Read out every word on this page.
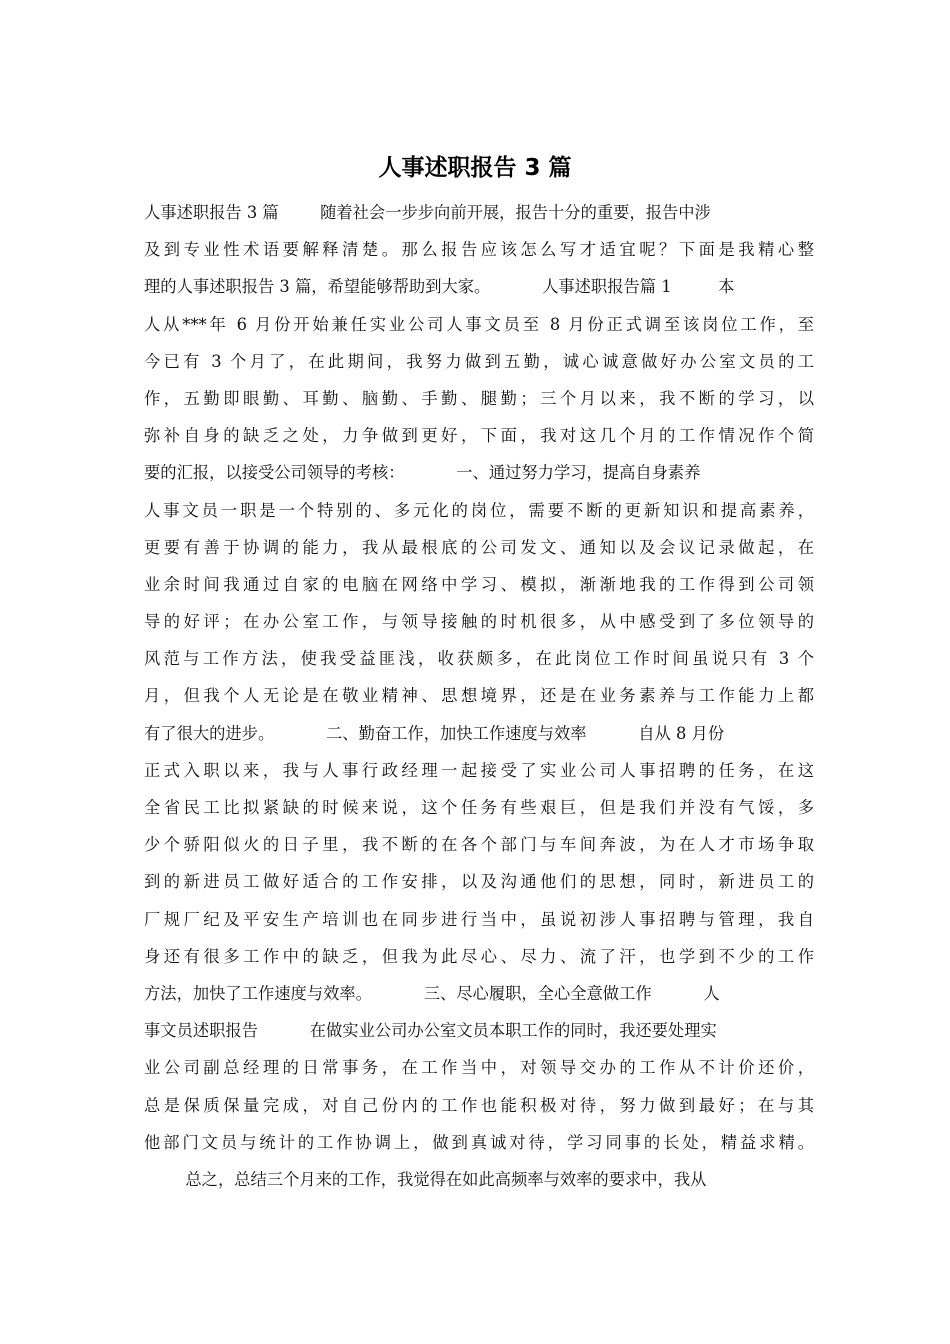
人事述职报告 3 篇
人事述职报告 3 篇        随着社会一步步向前开展，报告十分的重要，报告中涉
及到专业性术语要解释清楚。那么报告应该怎么写才适宜呢？下面是我精心整
理的人事述职报告 3 篇，希望能够帮助到大家。          人事述职报告篇 1         本
人从***年 6 月份开始兼任实业公司人事文员至 8 月份正式调至该岗位工作，至
今已有 3 个月了，在此期间，我努力做到五勤，诚心诚意做好办公室文员的工
作，五勤即眼勤、耳勤、脑勤、手勤、腿勤；三个月以来，我不断的学习，以
弥补自身的缺乏之处，力争做到更好，下面，我对这几个月的工作情况作个简
要的汇报，以接受公司领导的考核：          一、通过努力学习，提高自身素养
人事文员一职是一个特别的、多元化的岗位，需要不断的更新知识和提高素养，
更要有善于协调的能力，我从最根底的公司发文、通知以及会议记录做起，在
业余时间我通过自家的电脑在网络中学习、模拟，渐渐地我的工作得到公司领
导的好评；在办公室工作，与领导接触的时机很多，从中感受到了多位领导的
风范与工作方法，使我受益匪浅，收获颇多，在此岗位工作时间虽说只有 3 个
月，但我个人无论是在敬业精神、思想境界，还是在业务素养与工作能力上都
有了很大的进步。          二、勤奋工作，加快工作速度与效率          自从 8 月份
正式入职以来，我与人事行政经理一起接受了实业公司人事招聘的任务，在这
全省民工比拟紧缺的时候来说，这个任务有些艰巨，但是我们并没有气馁，多
少个骄阳似火的日子里，我不断的在各个部门与车间奔波，为在人才市场争取
到的新进员工做好适合的工作安排，以及沟通他们的思想，同时，新进员工的
厂规厂纪及平安生产培训也在同步进行当中，虽说初涉人事招聘与管理，我自
身还有很多工作中的缺乏，但我为此尽心、尽力、流了汗，也学到不少的工作
方法，加快了工作速度与效率。          三、尽心履职，全心全意做工作          人
事文员述职报告          在做实业公司办公室文员本职工作的同时，我还要处理实
业公司副总经理的日常事务，在工作当中，对领导交办的工作从不计价还价，
总是保质保量完成，对自己份内的工作也能积极对待，努力做到最好；在与其
他部门文员与统计的工作协调上，做到真诚对待，学习同事的长处，精益求精。
总之，总结三个月来的工作，我觉得在如此高频率与效率的要求中，我从
